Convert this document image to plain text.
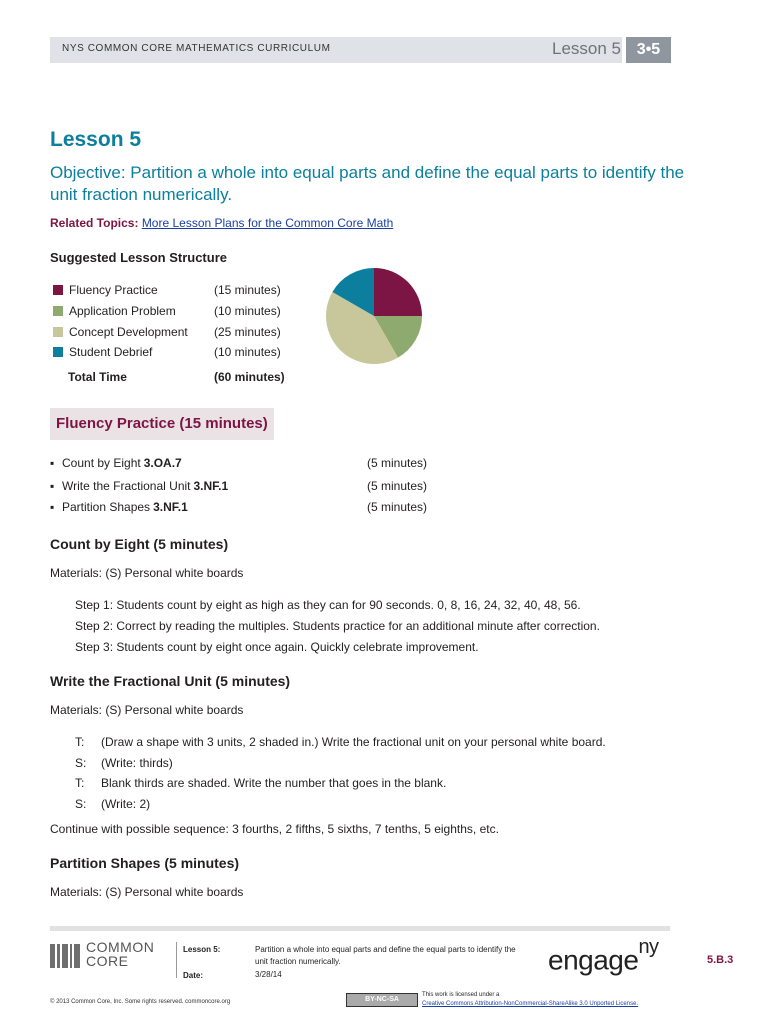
NYS COMMON CORE MATHEMATICS CURRICULUM	Lesson 5 3•5
Lesson 5
Objective: Partition a whole into equal parts and define the equal parts to identify the unit fraction numerically.
Related Topics: More Lesson Plans for the Common Core Math
Suggested Lesson Structure
Fluency Practice	(15 minutes)
Application Problem	(10 minutes)
Concept Development (25 minutes)
Student Debrief	(10 minutes)
Total Time	(60 minutes)
Fluency Practice (15 minutes)
▪ Count by Eight 3.OA.7	(5 minutes)
▪ Write the Fractional Unit 3.NF.1	(5 minutes)
▪ Partition Shapes 3.NF.1	(5 minutes)
Count by Eight (5 minutes)
Materials: (S) Personal white boards
Step 1: Students count by eight as high as they can for 90 seconds. 0, 8, 16, 24, 32, 40, 48, 56.
Step 2: Correct by reading the multiples. Students practice for an additional minute after correction.
Step 3: Students count by eight once again. Quickly celebrate improvement.
Write the Fractional Unit (5 minutes)
Materials: (S) Personal white boards
T: (Draw a shape with 3 units, 2 shaded in.) Write the fractional unit on your personal white board.
S: (Write: thirds)
T: Blank thirds are shaded. Write the number that goes in the blank.
S: (Write: 2)
Continue with possible sequence: 3 fourths, 2 fifths, 5 sixths, 7 tenths, 5 eighths, etc.
Partition Shapes (5 minutes)
Materials: (S) Personal white boards
COMMON
CORE
Lesson 5:
Date:
Partition a whole into equal parts and define the equal parts to identify the unit fraction numerically.
3/28/14	engage$^{ny}$
5.B.3
© 2013 Common Core, Inc. Some rights reserved. commoncore.org	BY-NC-SA
This work is licensed under a
Creative Commons Attribution-NonCommercial-ShareAlike 3.0 Unported License.
